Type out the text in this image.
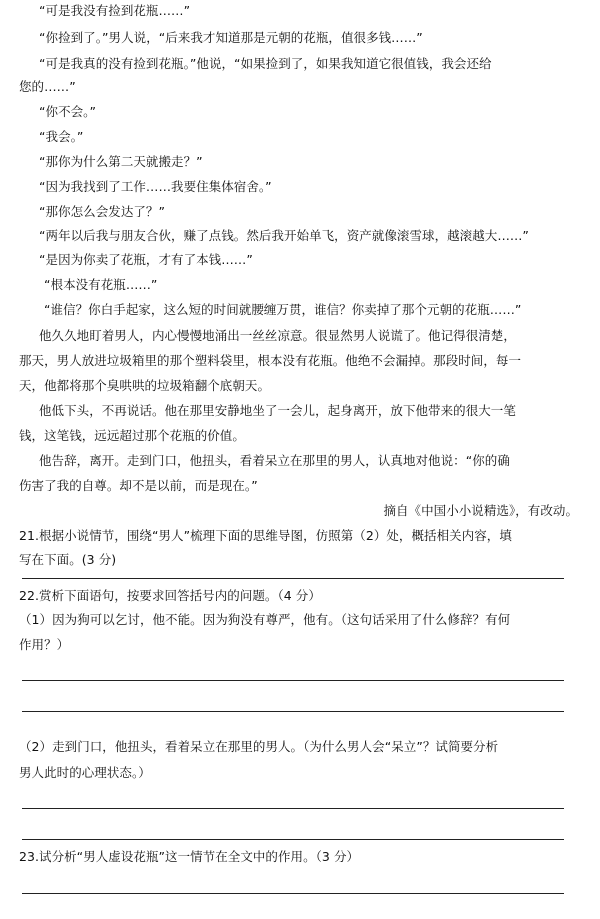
“可是我没有捡到花瓶……”
“你捡到了。”男人说，“后来我才知道那是元朝的花瓶，值很多钱……”
“可是我真的没有捡到花瓶。”他说，“如果捡到了，如果我知道它很值钱，我会还给
您的……”
“你不会。”
“我会。”
“那你为什么第二天就搬走？”
“因为我找到了工作……我要住集体宿舍。”
“那你怎么会发达了？”
“两年以后我与朋友合伙，赚了点钱。然后我开始单飞，资产就像滚雪球，越滚越大……”
“是因为你卖了花瓶，才有了本钱……”
“根本没有花瓶……”
“谁信？你白手起家，这么短的时间就腰缠万贯，谁信？你卖掉了那个元朝的花瓶……”
他久久地盯着男人，内心慢慢地涌出一丝丝凉意。很显然男人说谎了。他记得很清楚，
那天，男人放进垃圾箱里的那个塑料袋里，根本没有花瓶。他绝不会漏掉。那段时间，每一
天，他都将那个臭哄哄的垃圾箱翻个底朝天。
他低下头，不再说话。他在那里安静地坐了一会儿，起身离开，放下他带来的很大一笔
钱，这笔钱，远远超过那个花瓶的价值。
他告辞，离开。走到门口，他扭头，看着呆立在那里的男人，认真地对他说：“你的确
伤害了我的自尊。却不是以前，而是现在。”
摘自《中国小小说精选》，有改动。
21.根据小说情节，围绕“男人”梳理下面的思维导图，仿照第（2）处，概括相关内容，填
写在下面。(3 分)
22.赏析下面语句，按要求回答括号内的问题。（4 分）
（1）因为狗可以乞讨，他不能。因为狗没有尊严，他有。（这句话采用了什么修辞？有何
作用？）
（2）走到门口，他扭头，看着呆立在那里的男人。（为什么男人会“呆立”？试简要分析
男人此时的心理状态。）
23.试分析“男人虚设花瓶”这一情节在全文中的作用。（3 分）
